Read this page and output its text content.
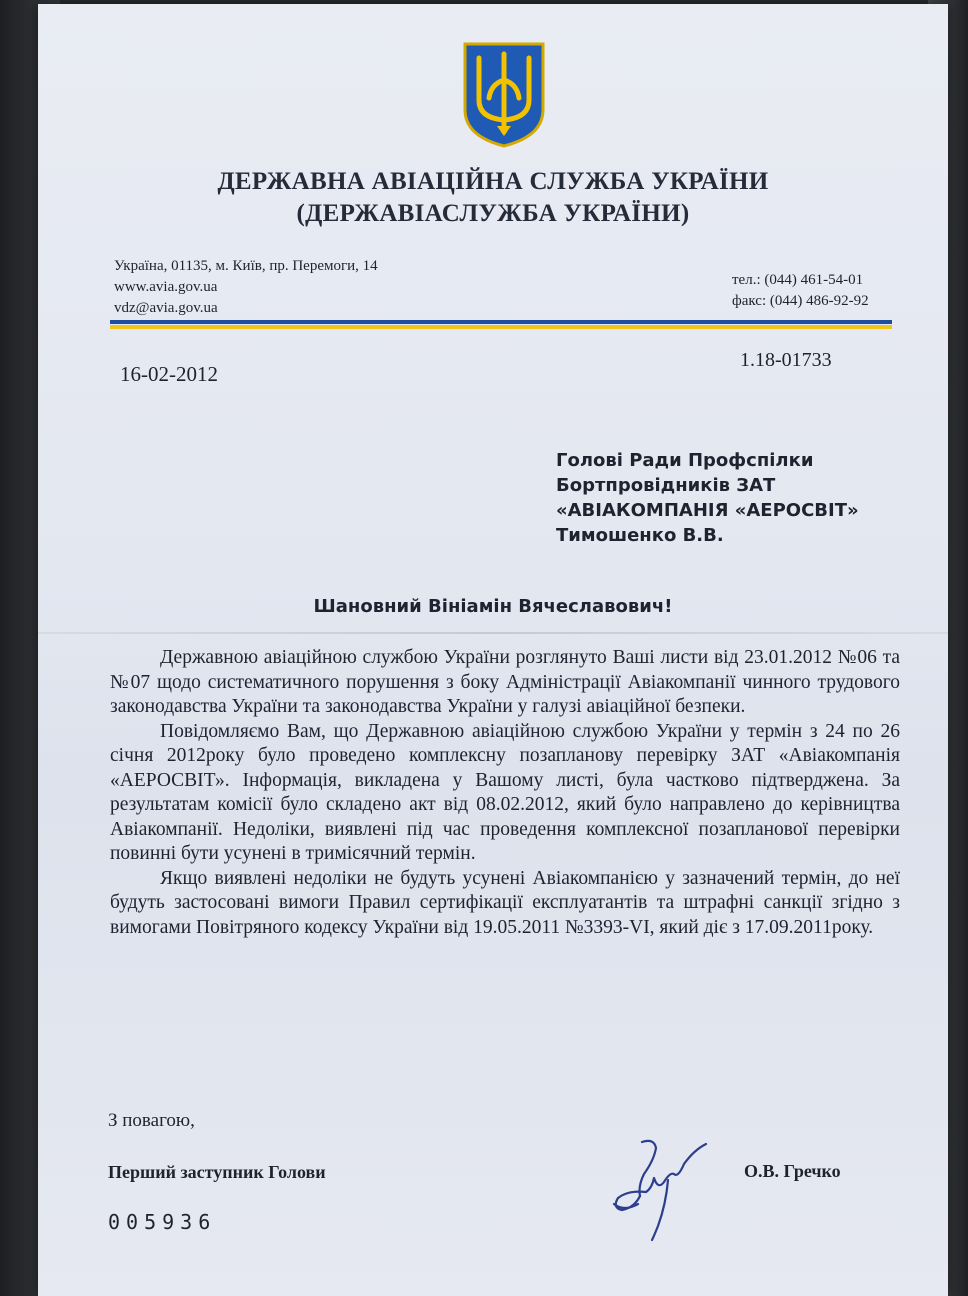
ДЕРЖАВНА АВІАЦІЙНА СЛУЖБА УКРАЇНИ
(ДЕРЖАВІАСЛУЖБА УКРАЇНИ)
Україна, 01135, м. Київ, пр. Перемоги, 14
www.avia.gov.ua
vdz@avia.gov.ua
тел.: (044) 461-54-01
факс: (044) 486-92-92
16-02-2012
1.18-01733
Голові Ради Профспілки
Бортпровідників ЗАТ
«АВІАКОМПАНІЯ «АЕРОСВІТ»
Тимошенко В.В.
Шановний Вініамін Вячеславович!

Державною авіаційною службою України розглянуто Ваші листи від 23.01.2012 №06 та №07 щодо систематичного порушення з боку Адміністрації Авіакомпанії чинного трудового законодавства України та законодавства України у галузі авіаційної безпеки.

Повідомляємо Вам, що Державною авіаційною службою України у термін з 24 по 26 січня 2012року було проведено комплексну позапланову перевірку ЗАТ «Авіакомпанія «АЕРОСВІТ». Інформація, викладена у Вашому листі, була частково підтверджена. За результатам комісії було складено акт від 08.02.2012, який було направлено до керівництва Авіакомпанії. Недоліки, виявлені під час проведення комплексної позапланової перевірки повинні бути усунені в тримісячний термін.

Якщо виявлені недоліки не будуть усунені Авіакомпанією у зазначений термін, до неї будуть застосовані вимоги Правил сертифікації експлуатантів та штрафні санкції згідно з вимогами Повітряного кодексу України від 19.05.2011 №3393-VI, який діє з 17.09.2011року.

З повагою,
Перший заступник Голови	О.В. Гречко
005936
